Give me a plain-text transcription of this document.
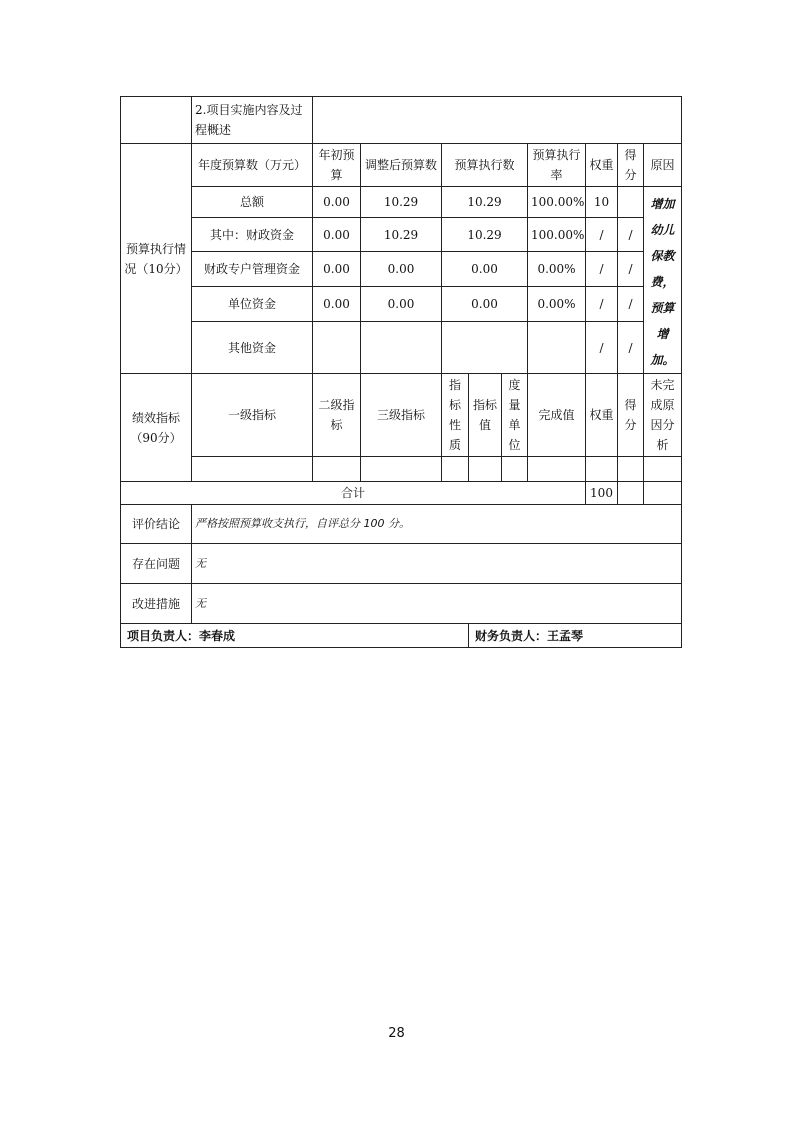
	2.项目实施内容及过程概述									
预算执行情况（10分）	年度预算数（万元）	年初预算	调整后预算数	预算执行数			预算执行率	权重	得分	原因
	总额	0.00	10.29	10.29			100.00%	10		增加幼儿保教费，预算增加。
	其中：财政资金	0.00	10.29	10.29			100.00%	/	/	
	财政专户管理资金	0.00	0.00	0.00			0.00%	/	/	
	单位资金	0.00	0.00	0.00			0.00%	/	/	
	其他资金							/	/	
绩效指标（90分）	一级指标	二级指标	三级指标	指标性质	指标值	度量单位	完成值	权重	得分	未完成原因分析

合计								100		
评价结论	严格按照预算收支执行，自评总分 100 分。									
存在问题	无									
改进措施	无									
项目负责人：李春成					财务负责人：王孟琴					
28
